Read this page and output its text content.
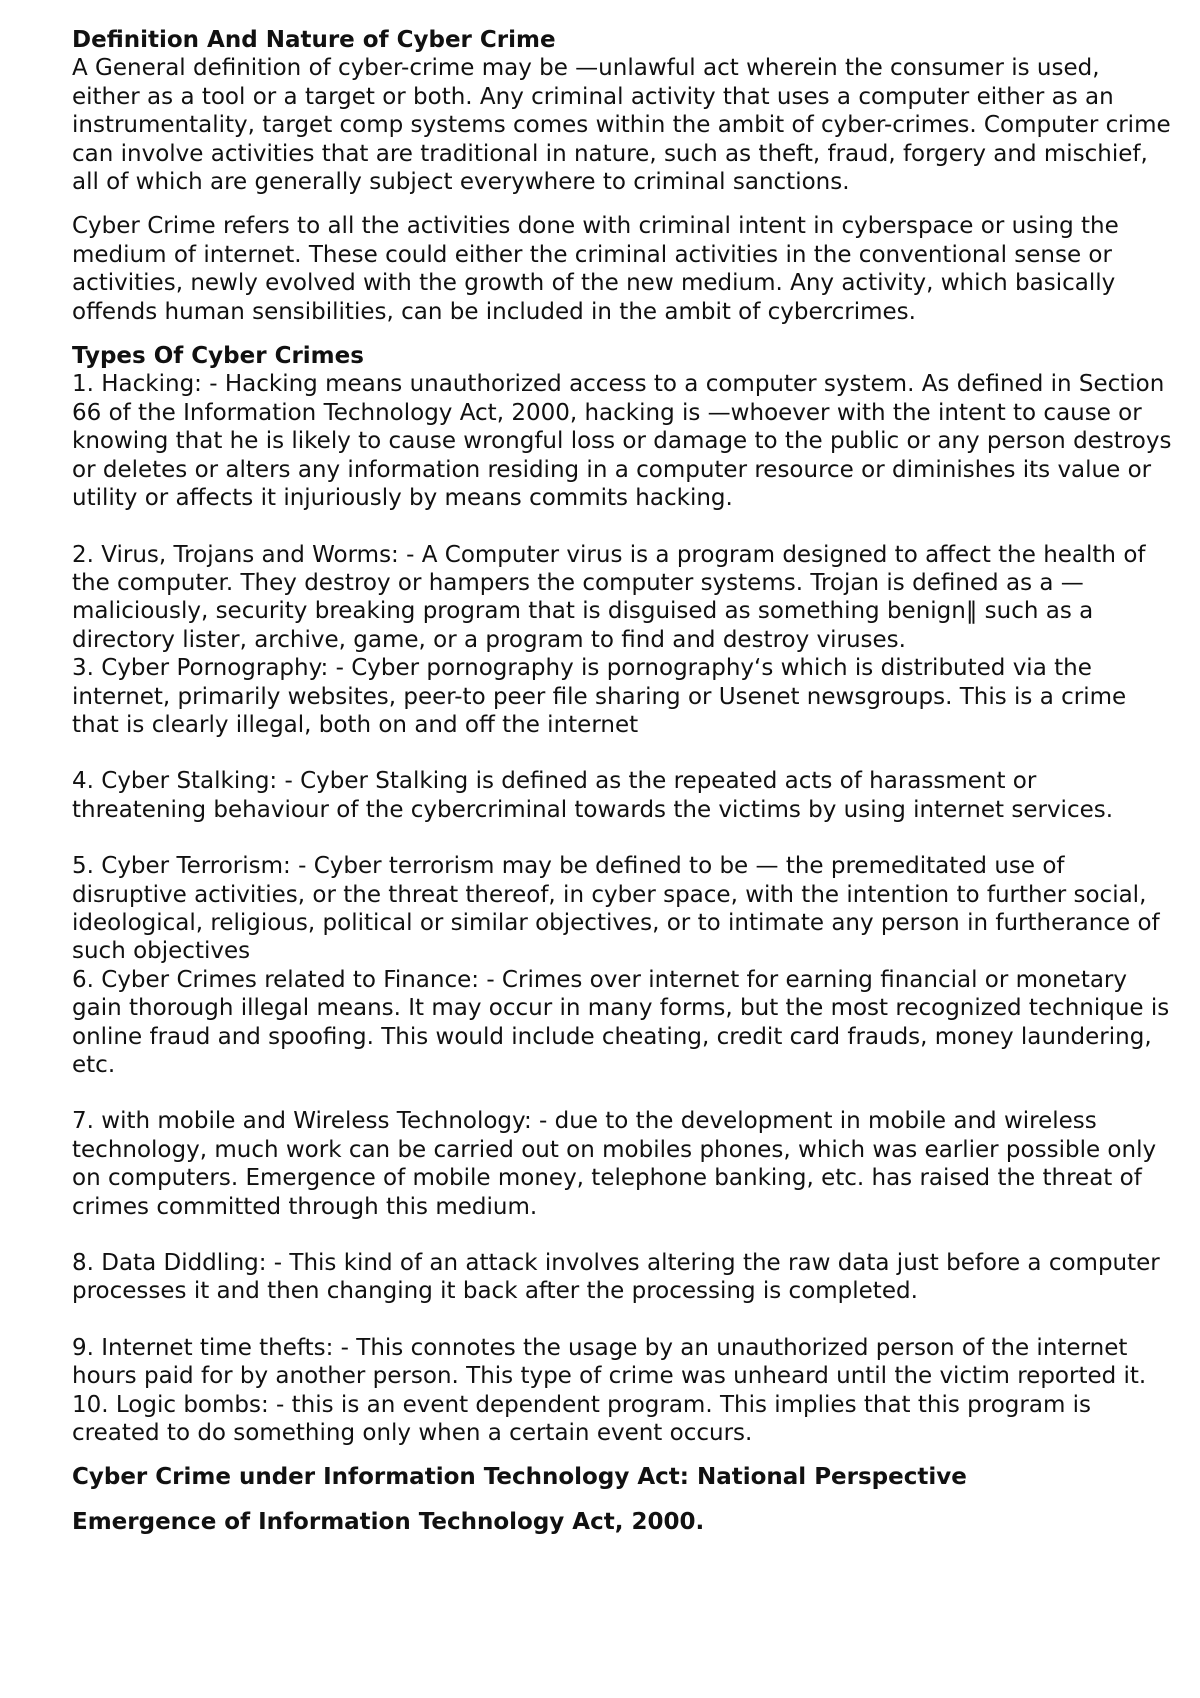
Definition And Nature of Cyber Crime

A General definition of cyber-crime may be —unlawful act wherein the consumer is used, either as a tool or a target or both. Any criminal activity that uses a computer either as an instrumentality, target comp systems comes within the ambit of cyber-crimes. Computer crime can involve activities that are traditional in nature, such as theft, fraud, forgery and mischief, all of which are generally subject everywhere to criminal sanctions.

Cyber Crime refers to all the activities done with criminal intent in cyberspace or using the medium of internet. These could either the criminal activities in the conventional sense or activities, newly evolved with the growth of the new medium. Any activity, which basically offends human sensibilities, can be included in the ambit of cybercrimes.

Types Of Cyber Crimes

1. Hacking: - Hacking means unauthorized access to a computer system. As defined in Section 66 of the Information Technology Act, 2000, hacking is —whoever with the intent to cause or knowing that he is likely to cause wrongful loss or damage to the public or any person destroys or deletes or alters any information residing in a computer resource or diminishes its value or utility or affects it injuriously by means commits hacking.

2. Virus, Trojans and Worms: - A Computer virus is a program designed to affect the health of the computer. They destroy or hampers the computer systems. Trojan is defined as a —maliciously, security breaking program that is disguised as something benign‖ such as a directory lister, archive, game, or a program to find and destroy viruses.

3. Cyber Pornography: - Cyber pornography is pornography‘s which is distributed via the internet, primarily websites, peer-to peer file sharing or Usenet newsgroups. This is a crime that is clearly illegal, both on and off the internet

4. Cyber Stalking: - Cyber Stalking is defined as the repeated acts of harassment or threatening behaviour of the cybercriminal towards the victims by using internet services.

5. Cyber Terrorism: - Cyber terrorism may be defined to be — the premeditated use of disruptive activities, or the threat thereof, in cyber space, with the intention to further social, ideological, religious, political or similar objectives, or to intimate any person in furtherance of such objectives

6. Cyber Crimes related to Finance: - Crimes over internet for earning financial or monetary gain thorough illegal means. It may occur in many forms, but the most recognized technique is online fraud and spoofing. This would include cheating, credit card frauds, money laundering, etc.

7. with mobile and Wireless Technology: - due to the development in mobile and wireless technology, much work can be carried out on mobiles phones, which was earlier possible only on computers. Emergence of mobile money, telephone banking, etc. has raised the threat of crimes committed through this medium.

8. Data Diddling: - This kind of an attack involves altering the raw data just before a computer processes it and then changing it back after the processing is completed.

9. Internet time thefts: - This connotes the usage by an unauthorized person of the internet hours paid for by another person. This type of crime was unheard until the victim reported it.

10. Logic bombs: - this is an event dependent program. This implies that this program is created to do something only when a certain event occurs.

Cyber Crime under Information Technology Act: National Perspective

Emergence of Information Technology Act, 2000.
